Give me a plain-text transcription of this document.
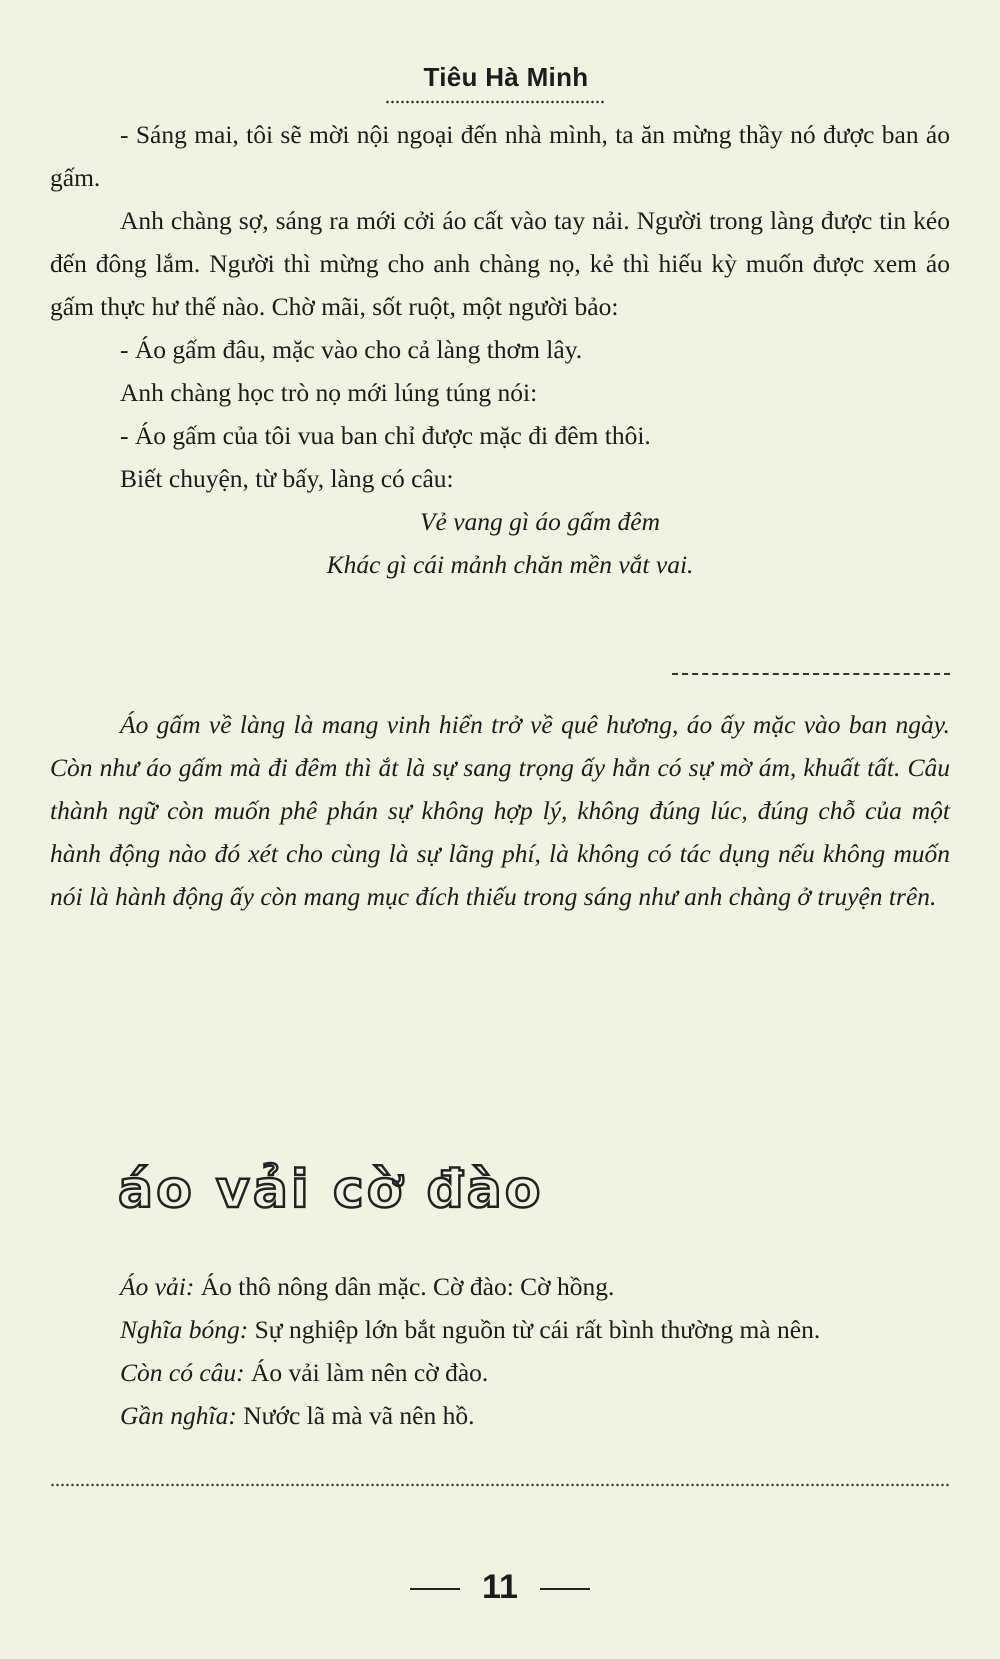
Tiêu Hà Minh

- Sáng mai, tôi sẽ mời nội ngoại đến nhà mình, ta ăn mừng thầy nó được ban áo gấm.

Anh chàng sợ, sáng ra mới cởi áo cất vào tay nải. Người trong làng được tin kéo đến đông lắm. Người thì mừng cho anh chàng nọ, kẻ thì hiếu kỳ muốn được xem áo gấm thực hư thế nào. Chờ mãi, sốt ruột, một người bảo:

- Áo gấm đâu, mặc vào cho cả làng thơm lây.

Anh chàng học trò nọ mới lúng túng nói:

- Áo gấm của tôi vua ban chỉ được mặc đi đêm thôi.

Biết chuyện, từ bấy, làng có câu:

Vẻ vang gì áo gấm đêm

Khác gì cái mảnh chăn mền vắt vai.

Áo gấm về làng là mang vinh hiển trở về quê hương, áo ấy mặc vào ban ngày. Còn như áo gấm mà đi đêm thì ắt là sự sang trọng ấy hẳn có sự mờ ám, khuất tất. Câu thành ngữ còn muốn phê phán sự không hợp lý, không đúng lúc, đúng chỗ của một hành động nào đó xét cho cùng là sự lãng phí, là không có tác dụng nếu không muốn nói là hành động ấy còn mang mục đích thiếu trong sáng như anh chàng ở truyện trên.

áo vải cờ đào

Áo vải: Áo thô nông dân mặc. Cờ đào: Cờ hồng.

Nghĩa bóng: Sự nghiệp lớn bắt nguồn từ cái rất bình thường mà nên.

Còn có câu: Áo vải làm nên cờ đào.

Gần nghĩa: Nước lã mà vã nên hồ.

11
